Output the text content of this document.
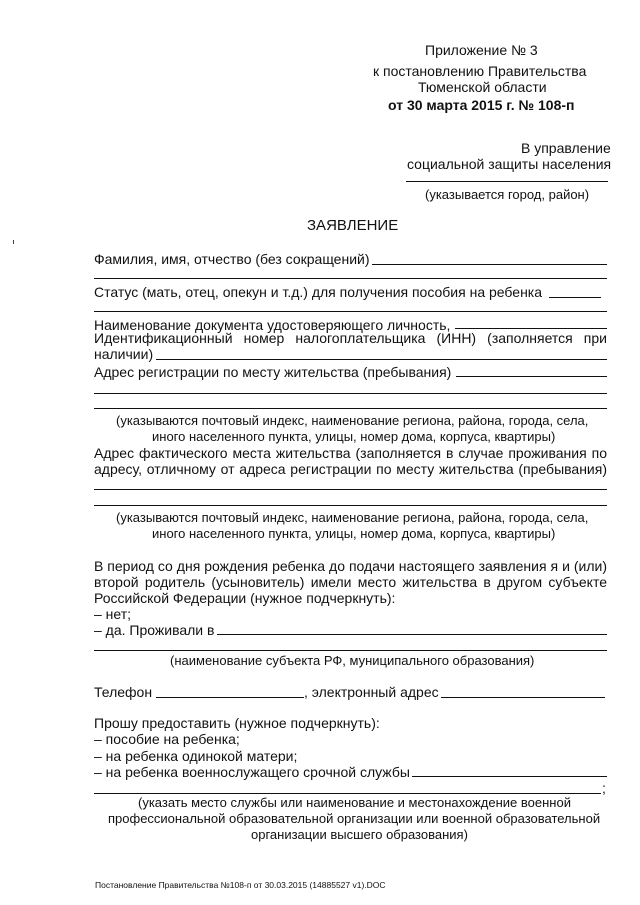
Приложение № 3
к постановлению Правительства
Тюменской области
от 30 марта 2015 г. № 108-п
В управление
социальной защиты населения
(указывается город, район)
ЗАЯВЛЕНИЕ
Фамилия, имя, отчество (без сокращений)
Статус (мать, отец, опекун и т.д.) для получения пособия на ребенка
Наименование документа удостоверяющего личность,
Идентификационный номер налогоплательщика (ИНН) (заполняется при
наличии)
Адрес регистрации по месту жительства (пребывания)
(указываются почтовый индекс, наименование региона, района, города, села,
иного населенного пункта, улицы, номер дома, корпуса, квартиры)
Адрес фактического места жительства (заполняется в случае проживания по
адресу, отличному от адреса регистрации по месту жительства (пребывания)
(указываются почтовый индекс, наименование региона, района, города, села,
иного населенного пункта, улицы, номер дома, корпуса, квартиры)
В период со дня рождения ребенка до подачи настоящего заявления я и (или)
второй родитель (усыновитель) имели место жительства в другом субъекте
Российской Федерации (нужное подчеркнуть):
– нет;
– да. Проживали в
(наименование субъекта РФ, муниципального образования)
Телефон	, электронный адрес
Прошу предоставить (нужное подчеркнуть):
– пособие на ребенка;
– на ребенка одинокой матери;
– на ребенка военнослужащего срочной службы
;
(указать место службы или наименование и местонахождение военной
профессиональной образовательной организации или военной образовательной
организации высшего образования)
Постановление Правительства №108-п от 30.03.2015 (14885527 v1).DOC
